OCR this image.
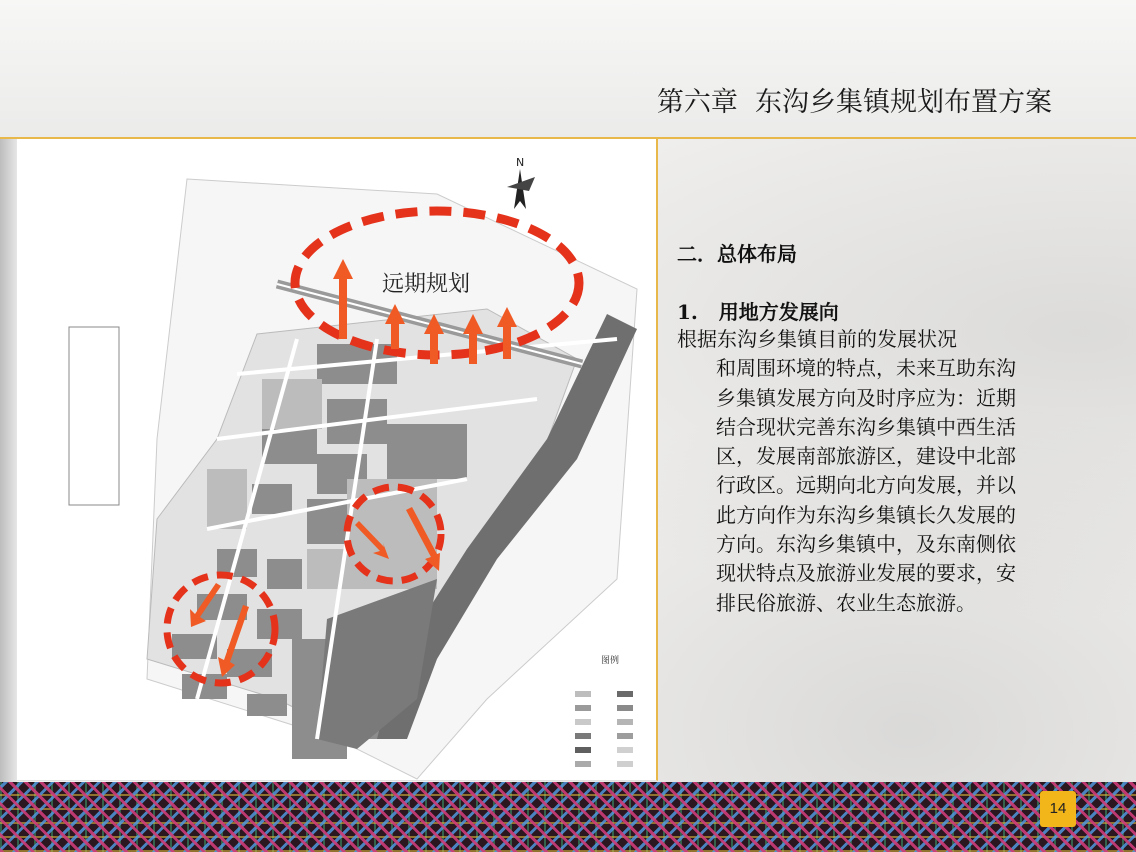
第六章  东沟乡集镇规划布置方案
N
远期规划
图例
二．总体布局
1.   用地方发展向
根据东沟乡集镇目前的发展状况
和周围环境的特点，未来互助东沟乡集镇发展方向及时序应为：近期结合现状完善东沟乡集镇中西生活区，发展南部旅游区，建设中北部行政区。远期向北方向发展，并以此方向作为东沟乡集镇长久发展的方向。东沟乡集镇中，及东南侧依现状特点及旅游业发展的要求，安排民俗旅游、农业生态旅游。
14
